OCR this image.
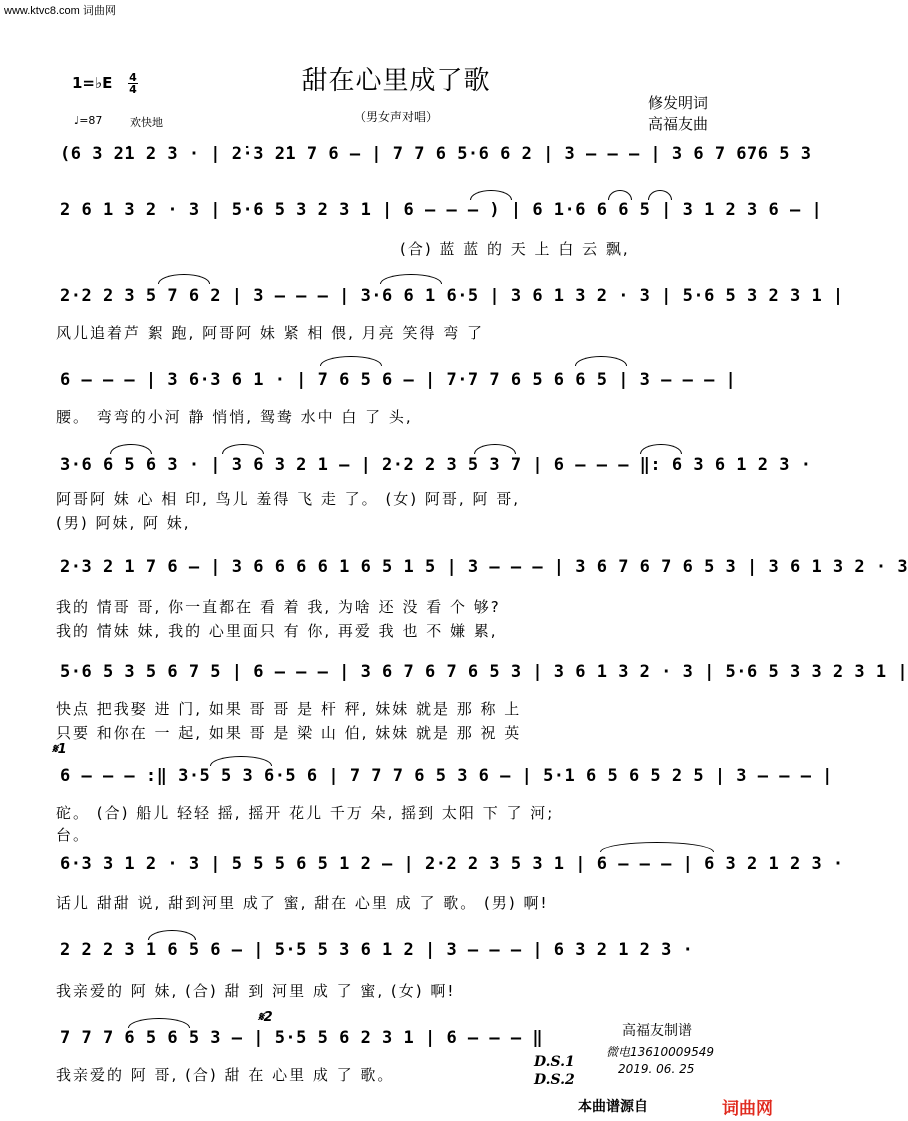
www.ktvc8.com 词曲网
甜在心里成了歌
（男女声对唱）
1=♭E 4
4
♩=87	欢快地
修发明词
高福友曲
(6 3 2̇1 2 3 · | 2̇·3 2̇1 7 6 – | 7 7 6 5·6 6 2 | 3 – – – | 3 6 7 676 5 3
2 6 1 3 2 · 3 | 5·6 5 3 2 3 1 | 6 – – – ) | 6 1·6 6 6 5 | 3 1 2 3 6 – |
(合) 蓝 蓝 的 天 上 白 云 飘,
2·2 2 3 5 7 6 2 | 3 – – – | 3·6 6 1 6·5 | 3 6 1 3 2 · 3 | 5·6 5 3 2 3 1 |
风儿追着芦 絮 跑, 阿哥阿 妹 紧 相 偎, 月亮 笑得 弯 了
6 – – – | 3 6·3 6 1 · | 7 6 5 6 – | 7·7 7 6 5 6 6 5 | 3 – – – |
腰。 弯弯的小河 静 悄悄, 鸳鸯 水中 白 了 头,
3·6 6 5 6 3 · | 3 6 3 2 1 – | 2·2 2 3 5 3 7 | 6 – – – ‖: 6 3 6 1 2 3 ·
阿哥阿 妹 心 相 印, 鸟儿 羞得 飞 走 了。 (女) 阿哥, 阿 哥,
(男) 阿妹, 阿 妹,
2·3 2 1 7 6 – | 3 6 6 6 6 1 6 5 1 5 | 3 – – – | 3 6 7 6 7 6 5 3 | 3 6 1 3 2 · 3
我的 情哥 哥, 你一直都在 看 着 我, 为啥 还 没 看 个 够?
我的 情妹 妹, 我的 心里面只 有 你, 再爱 我 也 不 嫌 累,
5·6 5 3 5 6 7 5 | 6 – – – | 3 6 7 6 7 6 5 3 | 3 6 1 3 2 · 3 | 5·6 5 3 3 2 3 1 |
快点 把我娶 进 门, 如果 哥 哥 是 杆 秤, 妹妹 就是 那 称 上
只要 和你在 一 起, 如果 哥 是 梁 山 伯, 妹妹 就是 那 祝 英
𝄋1
6 – – – :‖ 3·5 5 3 6·5 6 | 7 7 7 6 5 3 6 – | 5·1 6 5 6 5 2 5 | 3 – – – |
砣。 (合) 船儿 轻轻 摇, 摇开 花儿 千万 朵, 摇到 太阳 下 了 河;
台。
6·3 3 1 2 · 3 | 5 5 5 6 5 1 2 – | 2·2 2 3 5 3 1 | 6 – – – | 6 3 2 1 2 3 ·
话儿 甜甜 说, 甜到河里 成了 蜜, 甜在 心里 成 了 歌。 (男) 啊!
2 2 2 3 1 6 5 6 – | 5·5 5 3 6 1 2 | 3 – – – | 6 3 2 1 2 3 ·
我亲爱的 阿 妹, (合) 甜 到 河里 成 了 蜜, (女) 啊!
𝄋2
7 7 7 6 5 6 5 3 – | 5·5 5 6 2 3 1 | 6 – – – ‖
我亲爱的 阿 哥, (合) 甜 在 心里 成 了 歌。
D.S.1
D.S.2
高福友制谱
微电13610009549
2019. 06. 25
本曲谱源自	词曲网
